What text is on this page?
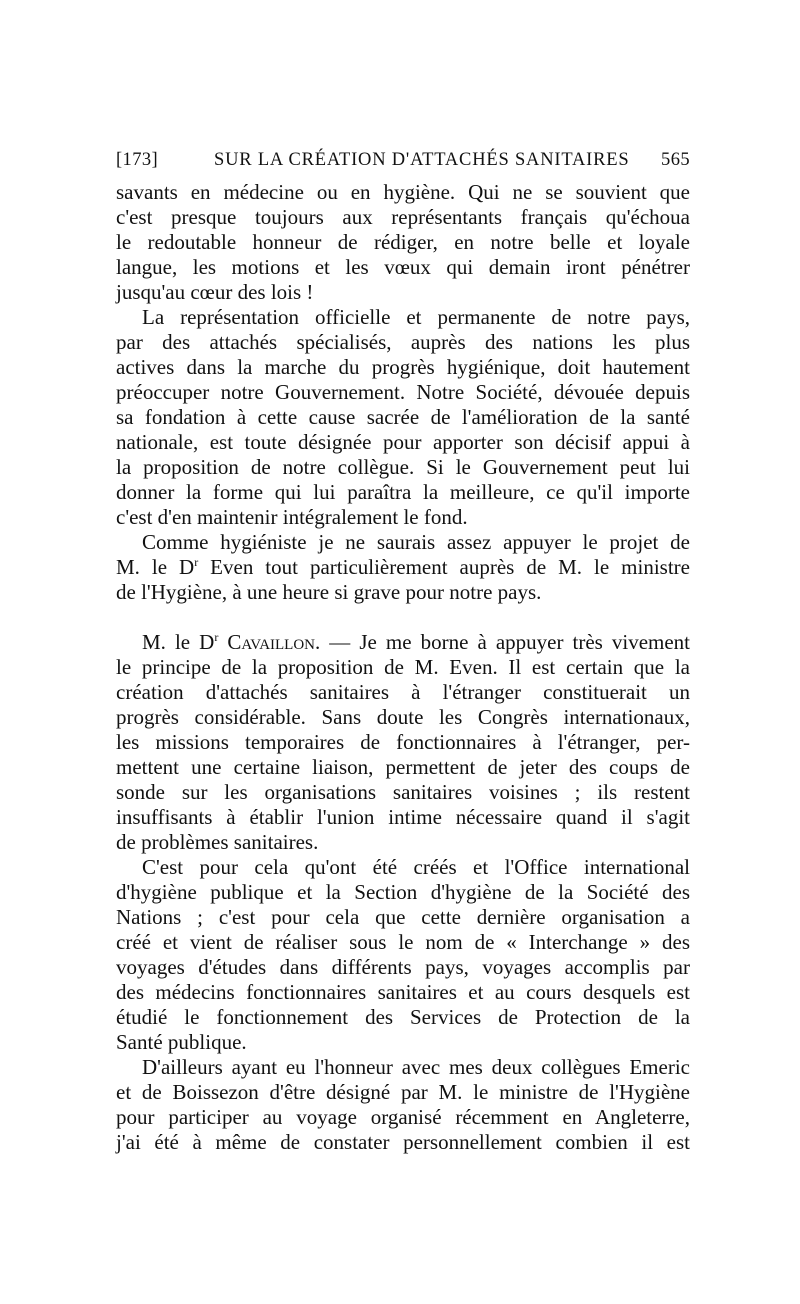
[173]	SUR LA CRÉATION D'ATTACHÉS SANITAIRES 565
savants en médecine ou en hygiène. Qui ne se souvient que
c'est presque toujours aux représentants français qu'échoua
le redoutable honneur de rédiger, en notre belle et loyale
langue, les motions et les vœux qui demain iront pénétrer
jusqu'au cœur des lois !
La représentation officielle et permanente de notre pays,
par des attachés spécialisés, auprès des nations les plus
actives dans la marche du progrès hygiénique, doit hautement
préoccuper notre Gouvernement. Notre Société, dévouée depuis
sa fondation à cette cause sacrée de l'amélioration de la santé
nationale, est toute désignée pour apporter son décisif appui à
la proposition de notre collègue. Si le Gouvernement peut lui
donner la forme qui lui paraîtra la meilleure, ce qu'il importe
c'est d'en maintenir intégralement le fond.
Comme hygiéniste je ne saurais assez appuyer le projet de
M. le $D^r$ Even tout particulièrement auprès de M. le ministre
de l'Hygiène, à une heure si grave pour notre pays.
M. le $D^r$ Cavaillon. — Je me borne à appuyer très vivement
le principe de la proposition de M. Even. Il est certain que la
création d'attachés sanitaires à l'étranger constituerait un
progrès considérable. Sans doute les Congrès internationaux,
les missions temporaires de fonctionnaires à l'étranger, per-
mettent une certaine liaison, permettent de jeter des coups de
sonde sur les organisations sanitaires voisines ; ils restent
insuffisants à établir l'union intime nécessaire quand il s'agit
de problèmes sanitaires.
C'est pour cela qu'ont été créés et l'Office international
d'hygiène publique et la Section d'hygiène de la Société des
Nations ; c'est pour cela que cette dernière organisation a
créé et vient de réaliser sous le nom de « Interchange » des
voyages d'études dans différents pays, voyages accomplis par
des médecins fonctionnaires sanitaires et au cours desquels est
étudié le fonctionnement des Services de Protection de la
Santé publique.
D'ailleurs ayant eu l'honneur avec mes deux collègues Emeric
et de Boissezon d'être désigné par M. le ministre de l'Hygiène
pour participer au voyage organisé récemment en Angleterre,
j'ai été à même de constater personnellement combien il est
